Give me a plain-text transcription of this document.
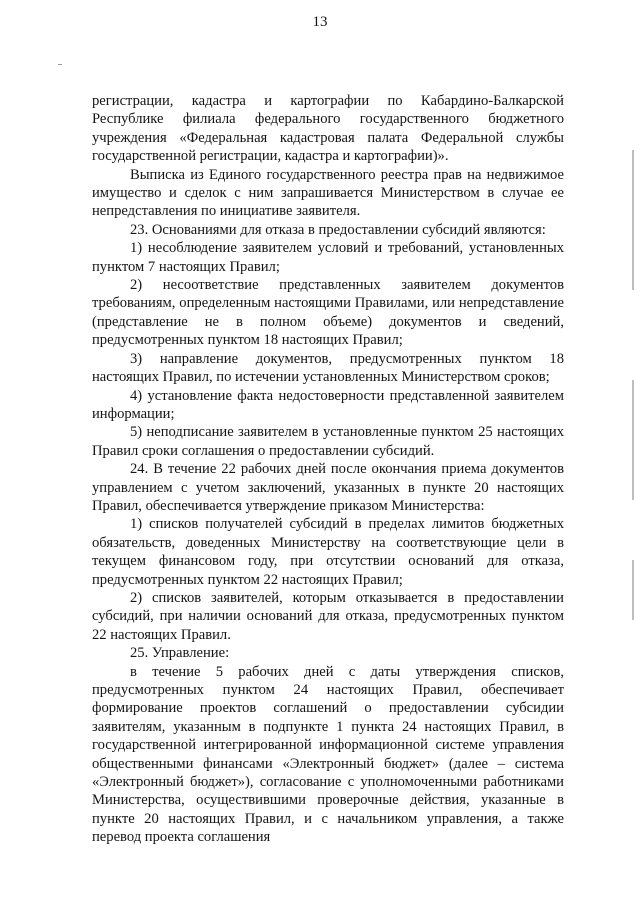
13

регистрации, кадастра и картографии по Кабардино-Балкарской Республике филиала федерального государственного бюджетного учреждения «Федеральная кадастровая палата Федеральной службы государственной регистрации, кадастра и картографии)».

Выписка из Единого государственного реестра прав на недвижимое имущество и сделок с ним запрашивается Министерством в случае ее непредставления по инициативе заявителя.

23. Основаниями для отказа в предоставлении субсидий являются:

1) несоблюдение заявителем условий и требований, установленных пунктом 7 настоящих Правил;

2) несоответствие представленных заявителем документов требованиям, определенным настоящими Правилами, или непредставление (представление не в полном объеме) документов и сведений, предусмотренных пунктом 18 настоящих Правил;

3) направление документов, предусмотренных пунктом 18 настоящих Правил, по истечении установленных Министерством сроков;

4) установление факта недостоверности представленной заявителем информации;

5) неподписание заявителем в установленные пунктом 25 настоящих Правил сроки соглашения о предоставлении субсидий.

24. В течение 22 рабочих дней после окончания приема документов управлением с учетом заключений, указанных в пункте 20 настоящих Правил, обеспечивается утверждение приказом Министерства:

1) списков получателей субсидий в пределах лимитов бюджетных обязательств, доведенных Министерству на соответствующие цели в текущем финансовом году, при отсутствии оснований для отказа, предусмотренных пунктом 22 настоящих Правил;

2) списков заявителей, которым отказывается в предоставлении субсидий, при наличии оснований для отказа, предусмотренных пунктом 22 настоящих Правил.

25. Управление:

в течение 5 рабочих дней с даты утверждения списков, предусмотренных пунктом 24 настоящих Правил, обеспечивает формирование проектов соглашений о предоставлении субсидии заявителям, указанным в подпункте 1 пункта 24 настоящих Правил, в государственной интегрированной информационной системе управления общественными финансами «Электронный бюджет» (далее – система «Электронный бюджет»), согласование с уполномоченными работниками Министерства, осуществившими проверочные действия, указанные в пункте 20 настоящих Правил, и с начальником управления, а также перевод проекта соглашения
